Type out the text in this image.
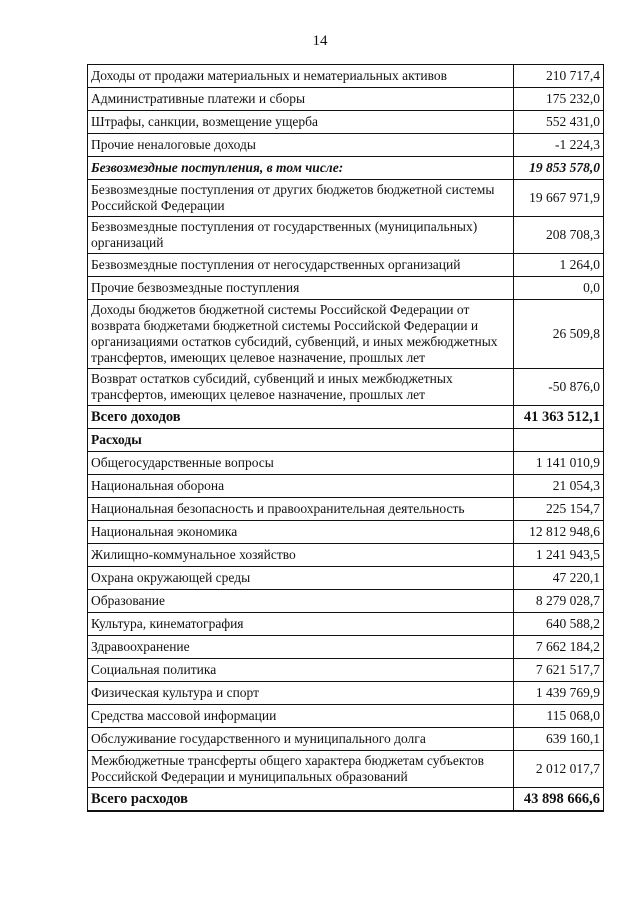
14
Доходы от продажи материальных и нематериальных активов	210 717,4
Административные платежи и сборы	175 232,0
Штрафы, санкции, возмещение ущерба	552 431,0
Прочие неналоговые доходы	-1 224,3
Безвозмездные поступления, в том числе:	19 853 578,0
Безвозмездные поступления от других бюджетов бюджетной системы Российской Федерации	19 667 971,9
Безвозмездные поступления от государственных (муниципальных) организаций	208 708,3
Безвозмездные поступления от негосударственных организаций	1 264,0
Прочие безвозмездные поступления	0,0
Доходы бюджетов бюджетной системы Российской Федерации от возврата бюджетами бюджетной системы Российской Федерации и организациями остатков субсидий, субвенций, и иных межбюджетных трансфертов, имеющих целевое назначение, прошлых лет	26 509,8
Возврат остатков субсидий, субвенций и иных межбюджетных трансфертов, имеющих целевое назначение, прошлых лет	-50 876,0
Всего доходов	41 363 512,1
Расходы	
Общегосударственные вопросы	1 141 010,9
Национальная оборона	21 054,3
Национальная безопасность и правоохранительная деятельность	225 154,7
Национальная экономика	12 812 948,6
Жилищно-коммунальное хозяйство	1 241 943,5
Охрана окружающей среды	47 220,1
Образование	8 279 028,7
Культура, кинематография	640 588,2
Здравоохранение	7 662 184,2
Социальная политика	7 621 517,7
Физическая культура и спорт	1 439 769,9
Средства массовой информации	115 068,0
Обслуживание государственного и муниципального долга	639 160,1
Межбюджетные трансферты общего характера бюджетам субъектов Российской Федерации и муниципальных образований	2 012 017,7
Всего расходов	43 898 666,6
